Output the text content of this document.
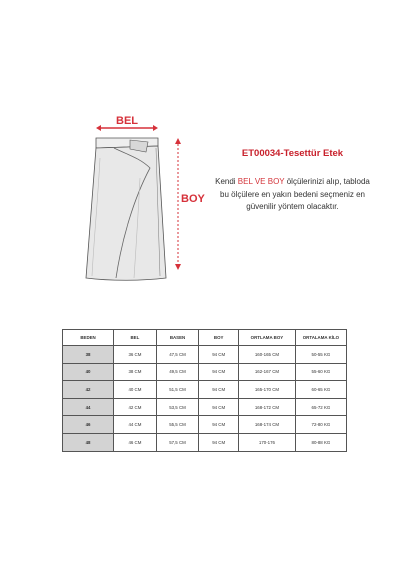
BEL
BOY
ET00034-Tesettür Etek
Kendi BEL VE BOY ölçülerinizi alıp, tabloda bu ölçülere en yakın bedeni seçmeniz en güvenilir yöntem olacaktır.
BEDEN	BEL	BASEN	BOY	ORTLAMA BOY	ORTALAMA KİLO
38	36 CM	47,5 CM	94 CM	160-165 CM	50-55 KG
40	38 CM	49,5 CM	94 CM	162-167 CM	55-60 KG
42	40 CM	51,5 CM	94 CM	165-170 CM	60-65 KG
44	42 CM	53,5 CM	94 CM	168-172 CM	65-72 KG
46	44 CM	55,5 CM	94 CM	168-174 CM	72-80 KG
48	46 CM	57,5 CM	94 CM	170-176	80-88 KG
